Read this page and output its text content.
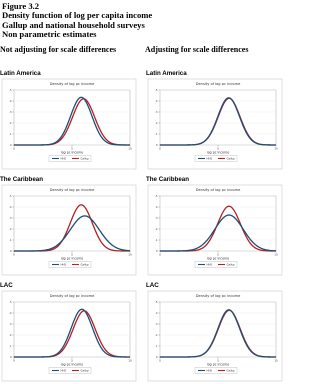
Figure 3.2
Density function of log per capita income
Gallup and national household surveys
Non parametric estimates
Not adjusting for scale differences	Adjusting for scale differences
Latin America
Density of log pc income
0
.1
.2
.3
.4
.5
0	5	10
log pc income
HHS	Gallup
Latin America
Density of log pc income
0
.1
.2
.3
.4
.5
0	5	10
log pc income
HHS	Gallup
The Caribbean
Density of log pc income
0
.1
.2
.3
.4
.5
0	5	10
log pc income
HHS	Gallup
The Caribbean
Density of log pc income
0
.1
.2
.3
.4
.5
0	5	10
log pc income
HHS	Gallup
LAC
Density of log pc income
0
.1
.2
.3
.4
.5
0	5	10
log pc income
HHS	Gallup
LAC
Density of log pc income
0
.1
.2
.3
.4
.5
0	5	10
log pc income
HHS	Gallup
